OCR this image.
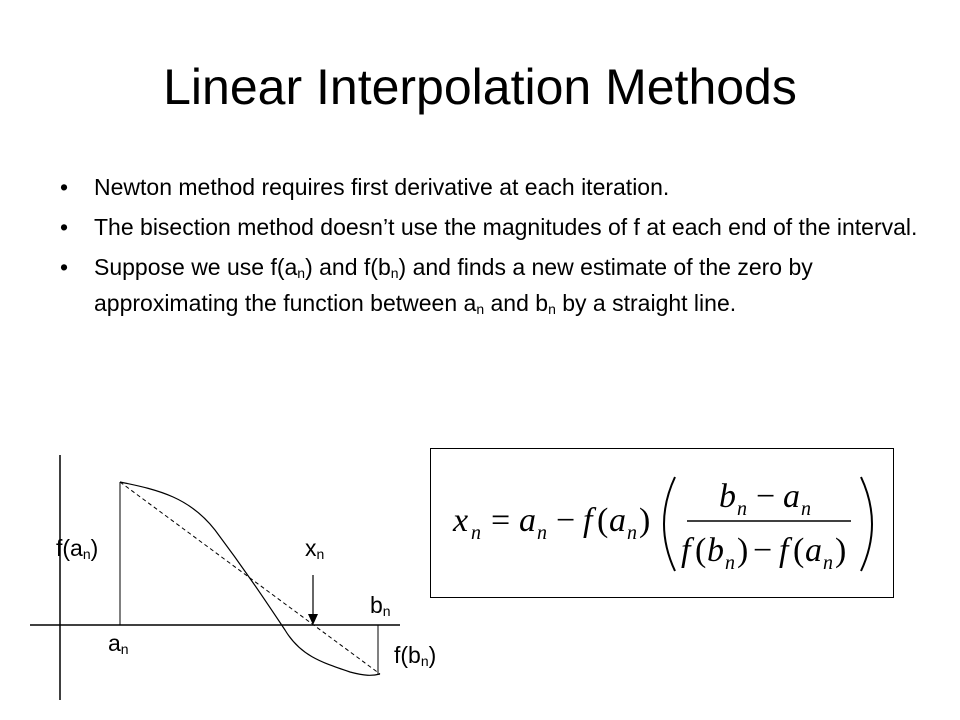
Linear Interpolation Methods
• Newton method requires first derivative at each iteration.
• The bisection method doesn’t use the magnitudes of f at each end of the interval.
• Suppose we use $f(a_n)$ and $f(b_n)$ and finds a new estimate of the zero by approximating the function between $a_n$ and $b_n$ by a straight line.
$f(a_n)$	$x_n$
$b_n$
$a_n$	$f(b_n)$
x n = a n − f ( a n )
b n − a n
f ( b n ) − f ( a n )
